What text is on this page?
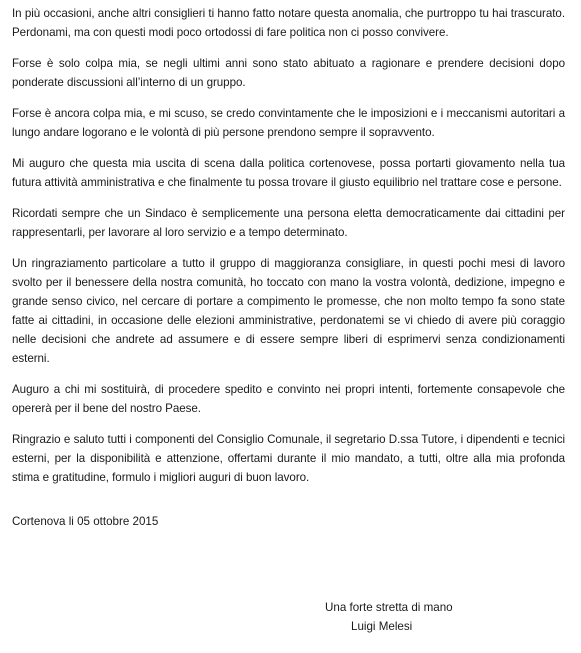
In più occasioni, anche altri consiglieri ti hanno fatto notare questa anomalia, che purtroppo tu hai trascurato. Perdonami, ma con questi modi poco ortodossi di fare politica non ci posso convivere.

Forse è solo colpa mia, se negli ultimi anni sono stato abituato a ragionare e prendere decisioni dopo ponderate discussioni all’interno di un gruppo.

Forse è ancora colpa mia, e mi scuso, se credo convintamente che le imposizioni e i meccanismi autoritari a lungo andare logorano e le volontà di più persone prendono sempre il sopravvento.

Mi auguro che questa mia uscita di scena dalla politica cortenovese, possa portarti giovamento nella tua futura attività amministrativa e che finalmente tu possa trovare il giusto equilibrio nel trattare cose e persone.

Ricordati sempre che un Sindaco è semplicemente una persona eletta democraticamente dai cittadini per rappresentarli, per lavorare al loro servizio e a tempo determinato.

Un ringraziamento particolare a tutto il gruppo di maggioranza consigliare, in questi pochi mesi di lavoro svolto per il benessere della nostra comunità, ho toccato con mano la vostra volontà, dedizione, impegno e grande senso civico, nel cercare di portare a compimento le promesse, che non molto tempo fa sono state fatte ai cittadini, in occasione delle elezioni amministrative, perdonatemi se vi chiedo di avere più coraggio nelle decisioni che andrete ad assumere e di essere sempre liberi di esprimervi senza condizionamenti esterni.

Auguro a chi mi sostituirà, di procedere spedito e convinto nei propri intenti, fortemente consapevole che opererà per il bene del nostro Paese.

Ringrazio e saluto tutti i componenti del Consiglio Comunale, il segretario D.ssa Tutore, i dipendenti e tecnici esterni, per la disponibilità e attenzione, offertami durante il mio mandato, a tutti, oltre alla mia profonda stima e gratitudine, formulo i migliori auguri di buon lavoro.

Cortenova li 05 ottobre 2015
Una forte stretta di mano
Luigi Melesi
